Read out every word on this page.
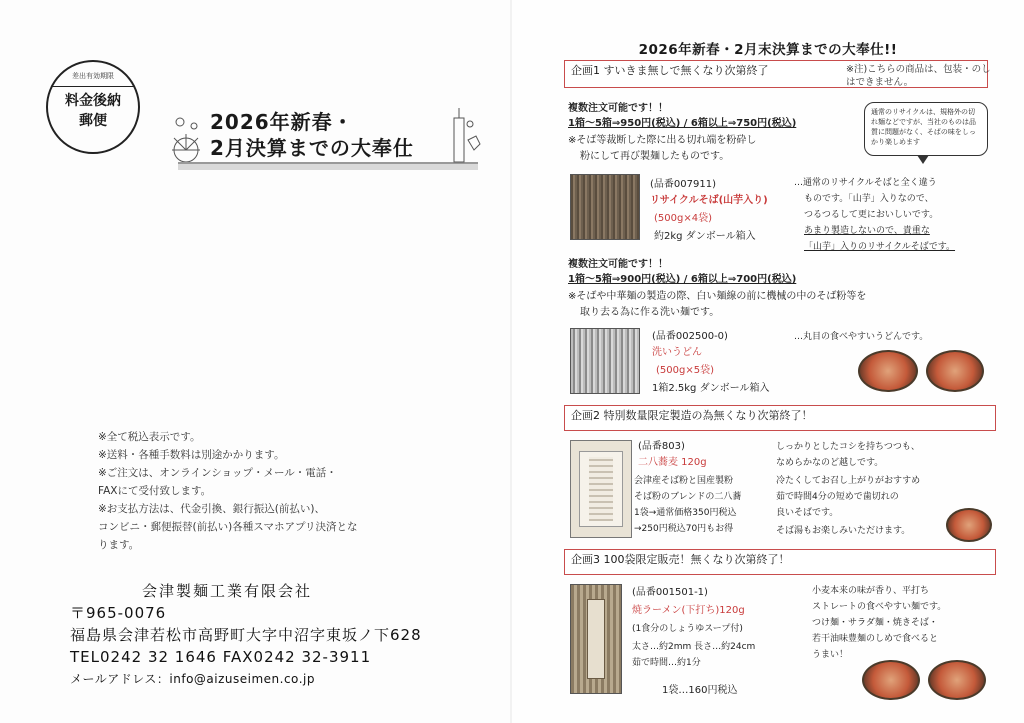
差出有効期限
料金後納
郵便	2026年新春・
2月決算までの大奉仕

※全て税込表示です。

※送料・各種手数料は別途かかります。

※ご注文は、オンラインショップ・メール・電話・

FAXにて受付致します。

※お支払方法は、代金引換、銀行振込(前払い)、

コンビニ・郵便振替(前払い)各種スマホアプリ決済とな

ります。

会津製麺工業有限会社
〒965-0076
福島県会津若松市高野町大字中沼字東坂ノ下628
TEL0242 32 1646 FAX0242 32-3911
メールアドレス：info@aizuseimen.co.jp
2026年新春・2月末決算までの大奉仕!!
企画1 すいきま無しで無くなり次第終了	※注)こちらの商品は、包装・のしはできません。
通常のリサイクルは、規格外の切れ麺などですが、当社のものは品質に問題がなく、そばの味をしっかり楽しめます
複数注文可能です！！
1箱～5箱⇒950円(税込) / 6箱以上⇒750円(税込)
※そば等裁断した際に出る切れ端を粉砕し
粉にして再び製麺したものです。
(品番007911)
リサイクルそば(山芋入り)
(500g×4袋)
約2kg ダンボール箱入
…通常のリサイクルそばと全く違う
ものです。「山芋」入りなので、
つるつるして更においしいです。
あまり製造しないので、貴重な
「山芋」入りのリサイクルそばです。
複数注文可能です！！
1箱～5箱⇒900円(税込) / 6箱以上⇒700円(税込)
※そばや中華麺の製造の際、白い麺線の前に機械の中のそば粉等を
取り去る為に作る洗い麺です。
(品番002500-0)
洗いうどん
(500g×5袋)
1箱2.5kg ダンボール箱入
…丸目の食べやすいうどんです。
企画2 特別数量限定製造の為無くなり次第終了！
(品番803)
二八蕎麦 120g
会津産そば粉と国産製粉
そば粉のブレンドの二八蕎
1袋→通常価格350円税込
→250円税込70円もお得
しっかりとしたコシを持ちつつも、
なめらかなのど越しです。
冷たくしてお召し上がりがおすすめ
茹で時間4分の短めで歯切れの
良いそばです。
そば湯もお楽しみいただけます。
企画3 100袋限定販売！無くなり次第終了！
(品番001501-1)
焼ラーメン(下打ち)120g
(1食分のしょうゆスープ付)
太さ…約2mm 長さ…約24cm
茹で時間…約1分
1袋…160円税込
小麦本来の味が香り、平打ち
ストレートの食べやすい麺です。
つけ麺・サラダ麺・焼きそば・
若干油味豊麺のしめで食べると
うまい！
